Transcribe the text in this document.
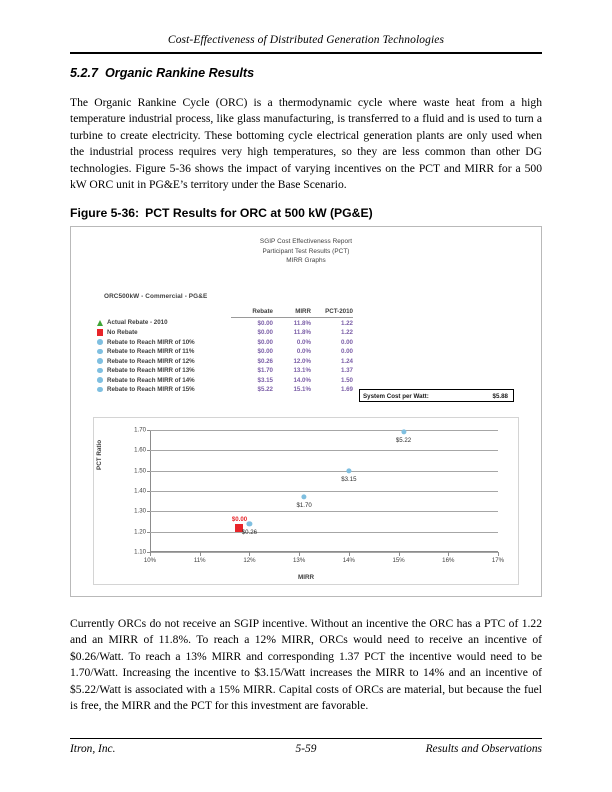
Cost-Effectiveness of Distributed Generation Technologies
5.2.7 Organic Rankine Results
The Organic Rankine Cycle (ORC) is a thermodynamic cycle where waste heat from a high temperature industrial process, like glass manufacturing, is transferred to a fluid and is used to turn a turbine to create electricity. These bottoming cycle electrical generation plants are only used when the industrial process requires very high temperatures, so they are less common than other DG technologies. Figure 5-36 shows the impact of varying incentives on the PCT and MIRR for a 500 kW ORC unit in PG&E’s territory under the Base Scenario.
Figure 5-36: PCT Results for ORC at 500 kW (PG&E)
SGIP Cost Effectiveness Report
Participant Test Results (PCT)
MIRR Graphs
ORC500kW - Commercial - PG&E
		Rebate	MIRR	PCT-2010
	Actual Rebate - 2010	$0.00	11.8%	1.22
	No Rebate	$0.00	11.8%	1.22
	Rebate to Reach MIRR of 10%	$0.00	0.0%	0.00
	Rebate to Reach MIRR of 11%	$0.00	0.0%	0.00
	Rebate to Reach MIRR of 12%	$0.26	12.0%	1.24
	Rebate to Reach MIRR of 13%	$1.70	13.1%	1.37
	Rebate to Reach MIRR of 14%	$3.15	14.0%	1.50
	Rebate to Reach MIRR of 15%	$5.22	15.1%	1.69
System Cost per Watt:	$5.88
PCT Ratio
MIRR
1.10
1.20
1.30
1.40
1.50
1.60
1.70
10%	11%	12%	13%	14%	15%	16%	17%
$0.00
$0.26
$1.70
$3.15
$5.22
Currently ORCs do not receive an SGIP incentive. Without an incentive the ORC has a PTC of 1.22 and an MIRR of 11.8%. To reach a 12% MIRR, ORCs would need to receive an incentive of $0.26/Watt. To reach a 13% MIRR and corresponding 1.37 PCT the incentive would need to be 1.70/Watt. Increasing the incentive to $3.15/Watt increases the MIRR to 14% and an incentive of $5.22/Watt is associated with a 15% MIRR. Capital costs of ORCs are material, but because the fuel is free, the MIRR and the PCT for this investment are favorable.
Itron, Inc.	5-59	Results and Observations
